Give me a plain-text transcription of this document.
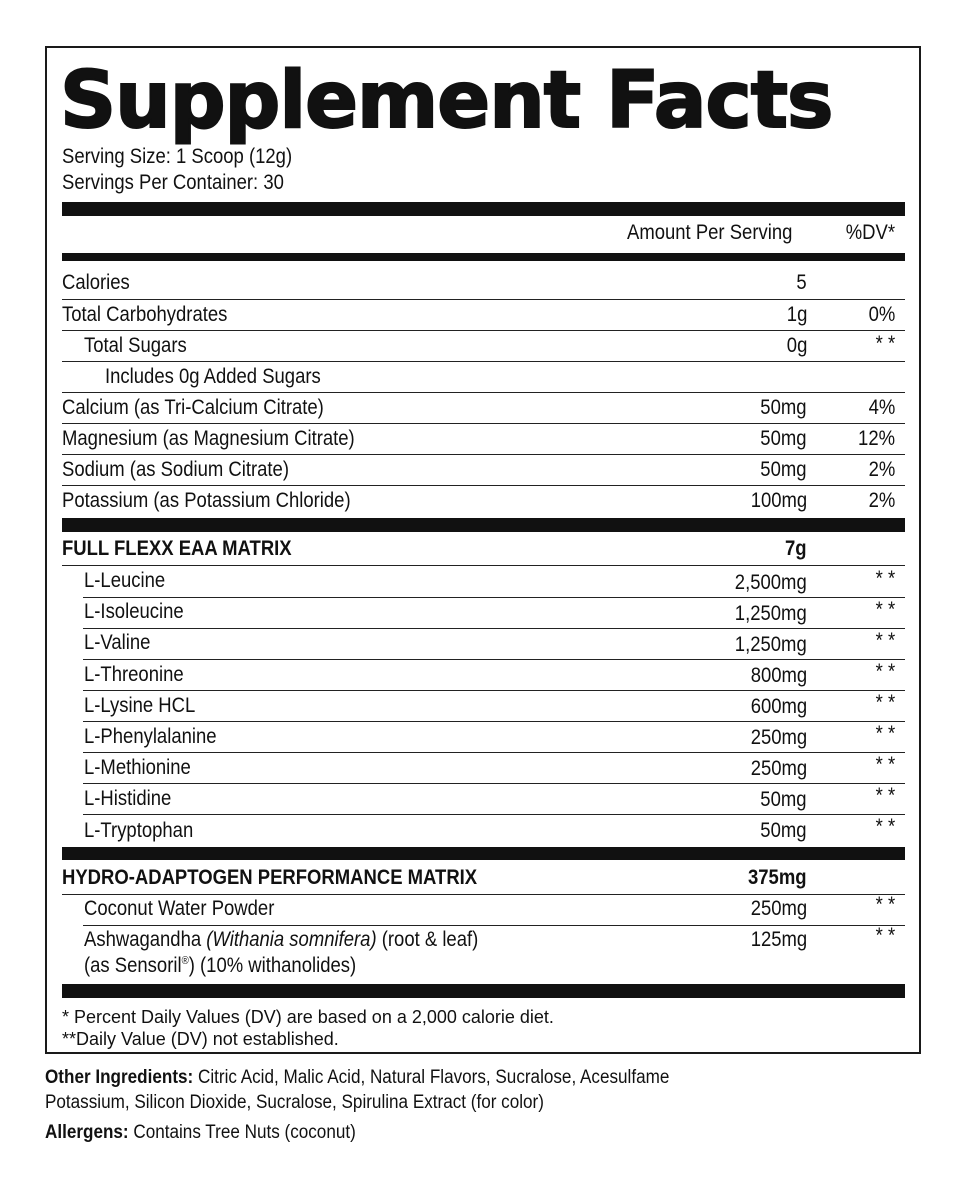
Supplement Facts
Serving Size: 1 Scoop (12g)
Servings Per Container: 30
Amount Per Serving	%DV*
Calories	5
Total Carbohydrates	1g	0%
Total Sugars	0g	* *
Includes 0g Added Sugars
Calcium (as Tri-Calcium Citrate)	50mg	4%
Magnesium (as Magnesium Citrate)	50mg 12%
Sodium (as Sodium Citrate)	50mg	2%
Potassium (as Potassium Chloride)	100mg	2%
FULL FLEXX EAA MATRIX	7g
L-Leucine	2,500mg	* *
L-Isoleucine	1,250mg	* *
L-Valine	1,250mg	* *
L-Threonine	800mg	* *
L-Lysine HCL	600mg	* *
L-Phenylalanine	250mg	* *
L-Methionine	250mg	* *
L-Histidine	50mg	* *
L-Tryptophan	50mg	* *
HYDRO-ADAPTOGEN PERFORMANCE MATRIX	375mg
Coconut Water Powder	250mg	* *
Ashwagandha (Withania somnifera) (root & leaf)
(as Sensoril®) (10% withanolides)
125mg	* *
* Percent Daily Values (DV) are based on a 2,000 calorie diet.
**Daily Value (DV) not established.
Other Ingredients: Citric Acid, Malic Acid, Natural Flavors, Sucralose, Acesulfame
Potassium, Silicon Dioxide, Sucralose, Spirulina Extract (for color)
Allergens: Contains Tree Nuts (coconut)
